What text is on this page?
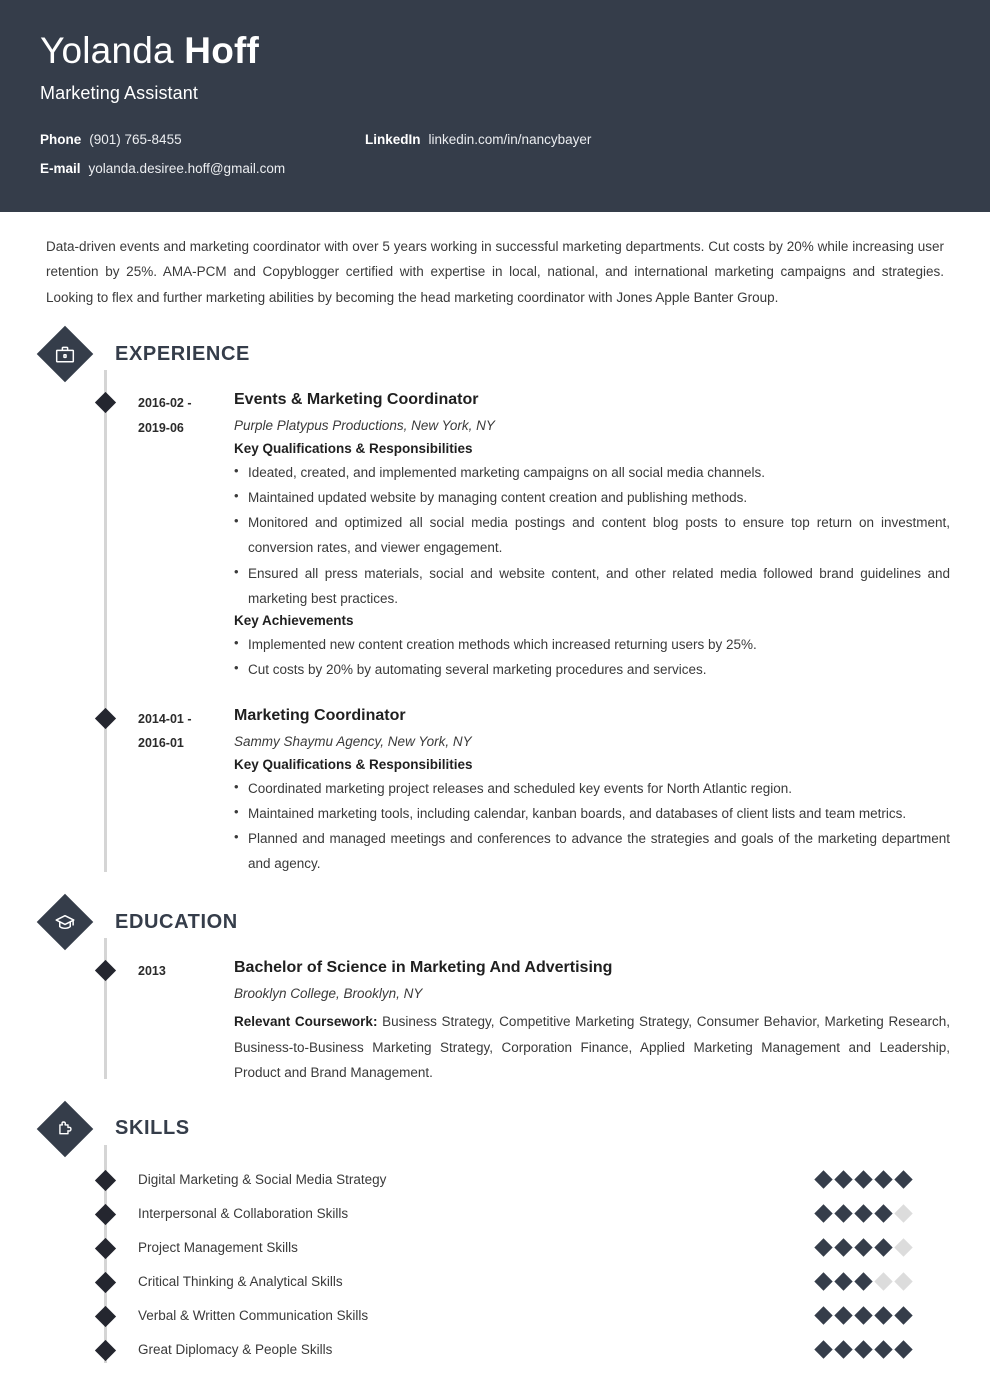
Yolanda Hoff
Marketing Assistant
Phone (901) 765-8455	LinkedIn linkedin.com/in/nancybayer
E-mail yolanda.desiree.hoff@gmail.com
Data-driven events and marketing coordinator with over 5 years working in successful marketing departments. Cut costs by 20% while increasing user retention by 25%. AMA-PCM and Copyblogger certified with expertise in local, national, and international marketing campaigns and strategies. Looking to flex and further marketing abilities by becoming the head marketing coordinator with Jones Apple Banter Group.
EXPERIENCE
2016-02 -
2019-06
Events & Marketing Coordinator
Purple Platypus Productions, New York, NY
Key Qualifications & Responsibilities
• Ideated, created, and implemented marketing campaigns on all social media channels.
• Maintained updated website by managing content creation and publishing methods.
• Monitored and optimized all social media postings and content blog posts to ensure top return on investment, conversion rates, and viewer engagement.
• Ensured all press materials, social and website content, and other related media followed brand guidelines and marketing best practices.
Key Achievements
• Implemented new content creation methods which increased returning users by 25%.
• Cut costs by 20% by automating several marketing procedures and services.
2014-01 -
2016-01
Marketing Coordinator
Sammy Shaymu Agency, New York, NY
Key Qualifications & Responsibilities
• Coordinated marketing project releases and scheduled key events for North Atlantic region.
• Maintained marketing tools, including calendar, kanban boards, and databases of client lists and team metrics.
• Planned and managed meetings and conferences to advance the strategies and goals of the marketing department and agency.
EDUCATION
2013	Bachelor of Science in Marketing And Advertising
Brooklyn College, Brooklyn, NY
Relevant Coursework: Business Strategy, Competitive Marketing Strategy, Consumer Behavior, Marketing Research, Business-to-Business Marketing Strategy, Corporation Finance, Applied Marketing Management and Leadership, Product and Brand Management.
SKILLS
Digital Marketing & Social Media Strategy
Interpersonal & Collaboration Skills
Project Management Skills
Critical Thinking & Analytical Skills
Verbal & Written Communication Skills
Great Diplomacy & People Skills
